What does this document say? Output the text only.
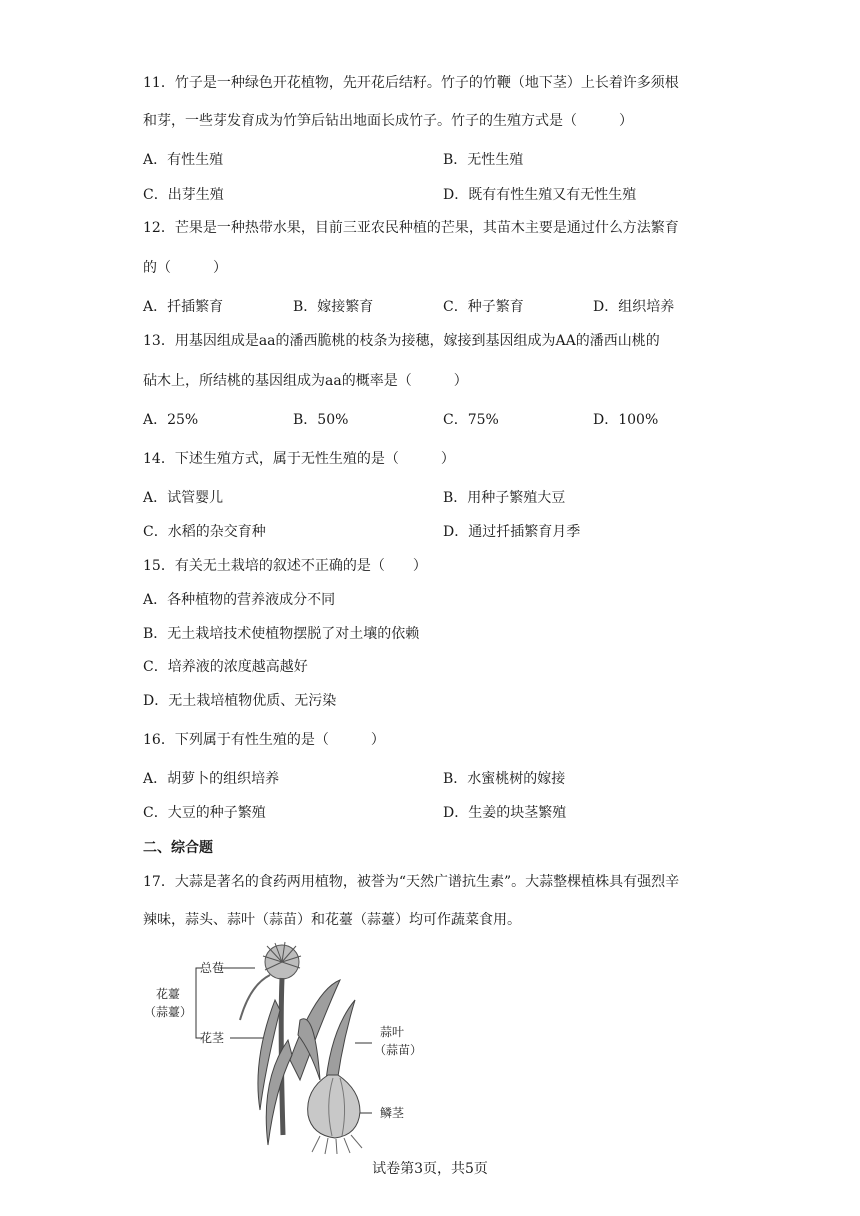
11．竹子是一种绿色开花植物，先开花后结籽。竹子的竹鞭（地下茎）上长着许多须根
和芽，一些芽发育成为竹笋后钻出地面长成竹子。竹子的生殖方式是（　　　）
A．有性生殖	B．无性生殖
C．出芽生殖	D．既有有性生殖又有无性生殖
12．芒果是一种热带水果，目前三亚农民种植的芒果，其苗木主要是通过什么方法繁育
的（　　　）
A．扦插繁育	B．嫁接繁育	C．种子繁育	D．组织培养
13．用基因组成是aa的潘西脆桃的枝条为接穗，嫁接到基因组成为AA的潘西山桃的
砧木上，所结桃的基因组成为aa的概率是（　　　）
A．25%	B．50%	C．75%	D．100%
14．下述生殖方式，属于无性生殖的是（　　　）
A．试管婴儿	B．用种子繁殖大豆
C．水稻的杂交育种	D．通过扦插繁育月季
15．有关无土栽培的叙述不正确的是（　　）
A．各种植物的营养液成分不同
B．无土栽培技术使植物摆脱了对土壤的依赖
C．培养液的浓度越高越好
D．无土栽培植物优质、无污染
16．下列属于有性生殖的是（　　　）
A．胡萝卜的组织培养	B．水蜜桃树的嫁接
C．大豆的种子繁殖	D．生姜的块茎繁殖
二、综合题
17．大蒜是著名的食药两用植物，被誉为“天然广谱抗生素”。大蒜整棵植株具有强烈辛
辣味，蒜头、蒜叶（蒜苗）和花薹（蒜薹）均可作蔬菜食用。
总苞
花薹
（蒜薹）
花茎	蒜叶
（蒜苗）
鳞茎
试卷第3页，共5页
